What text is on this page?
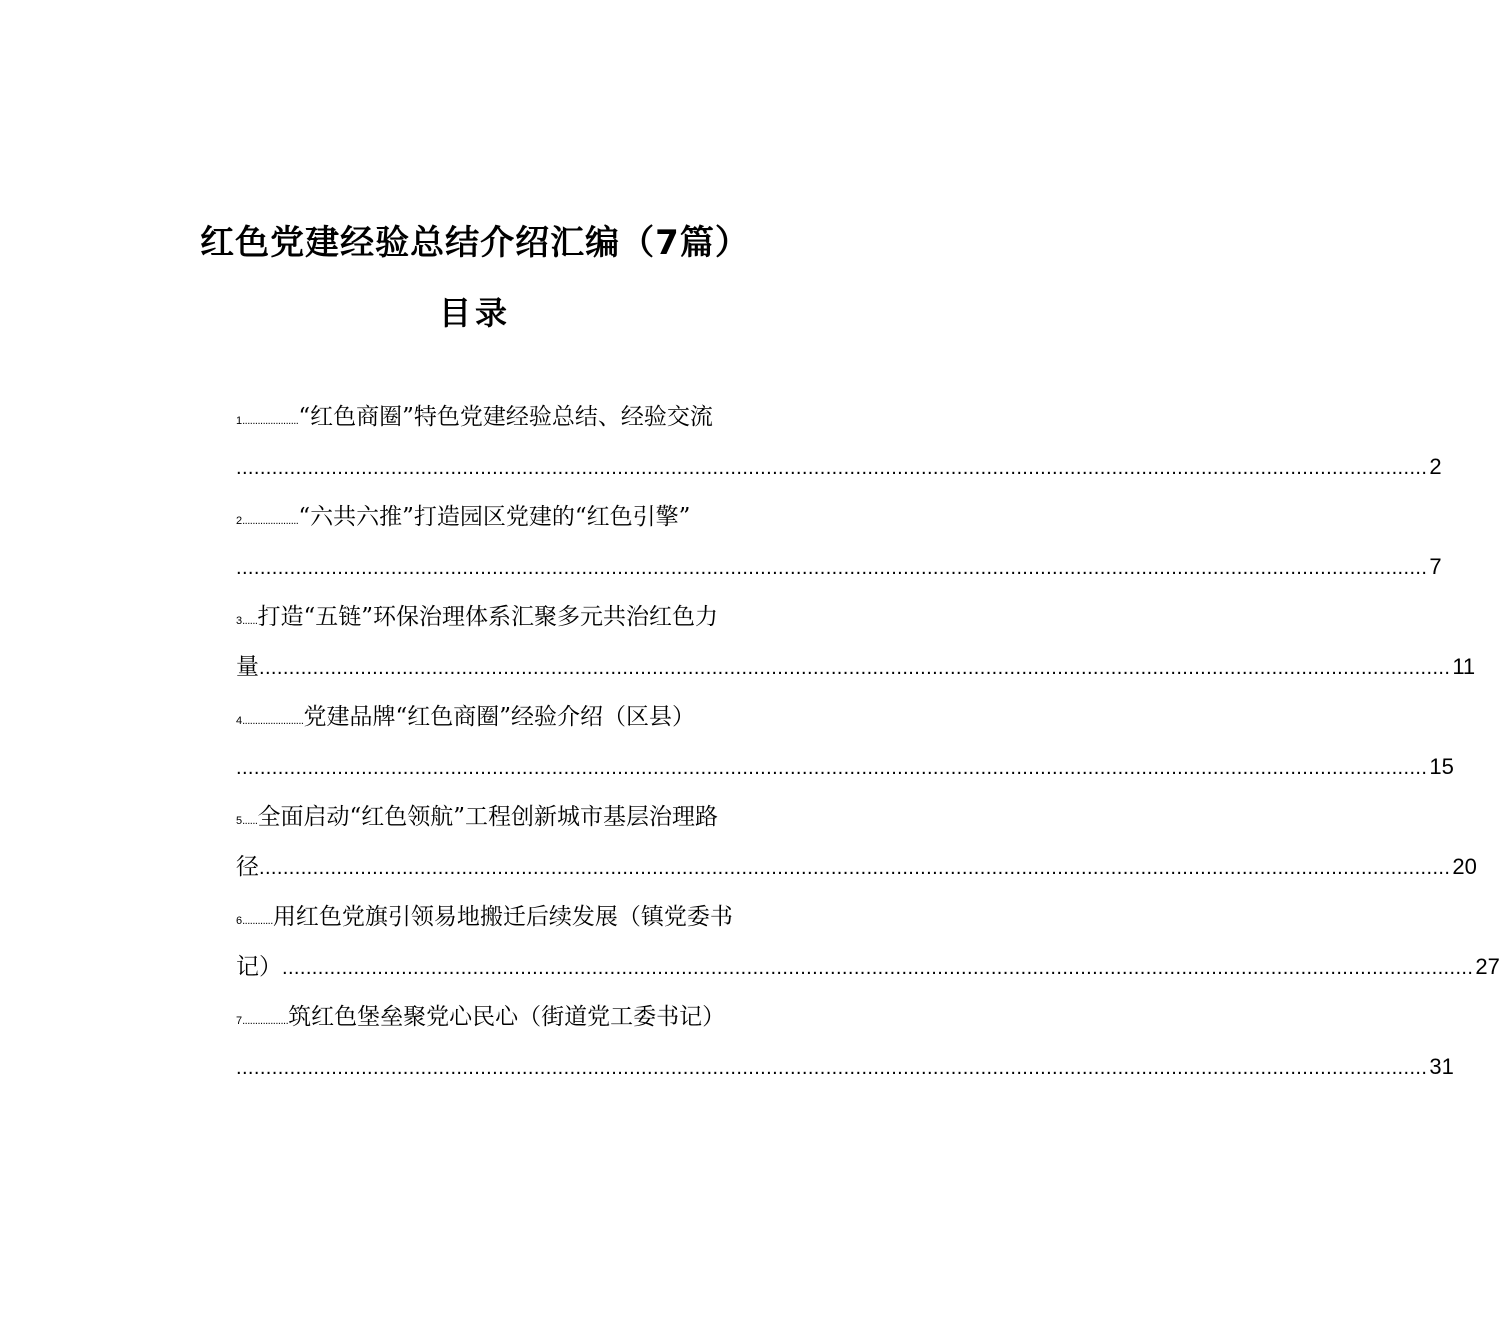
红色党建经验总结介绍汇编（7篇）
目录
1 ...................... “红色商圈”特色党建经验总结、经验交流
........................................................................................................................................................................................................ 2
2 ...................... “六共六推”打造园区党建的“红色引擎”
........................................................................................................................................................................................................ 7
3 ...... 打造“五链”环保治理体系汇聚多元共治红色力
量 ........................................................................................................................................................................................................ 11
4 ........................ 党建品牌“红色商圈”经验介绍（区县）
........................................................................................................................................................................................................ 15
5 ...... 全面启动“红色领航”工程创新城市基层治理路
径 ........................................................................................................................................................................................................ 20
6 ............ 用红色党旗引领易地搬迁后续发展（镇党委书
记） ........................................................................................................................................................................................................ 27
7 .................. 筑红色堡垒聚党心民心（街道党工委书记）
........................................................................................................................................................................................................ 31
